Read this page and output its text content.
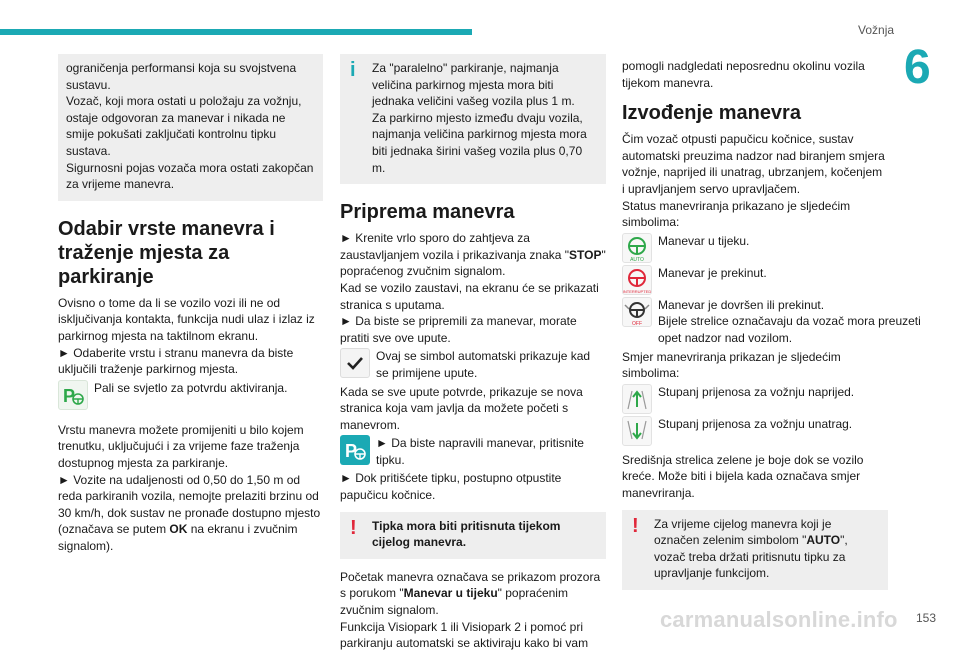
Vožnja
6

ograničenja performansi koja su svojstvena sustavu.
Vozač, koji mora ostati u položaju za vožnju, ostaje odgovoran za manevar i nikada ne smije pokušati zaključati kontrolnu tipku sustava.
Sigurnosni pojas vozača mora ostati zakopčan za vrijeme manevra.

Odabir vrste manevra i traženje mjesta za parkiranje

Ovisno o tome da li se vozilo vozi ili ne od isključivanja kontakta, funkcija nudi ulaz i izlaz iz parkirnog mjesta na taktilnom ekranu.
► Odaberite vrstu i stranu manevra da biste uključili traženje parkirnog mjesta.

P Pali se svjetlo za potvrdu aktiviranja.

Vrstu manevra možete promijeniti u bilo kojem trenutku, uključujući i za vrijeme faze traženja dostupnog mjesta za parkiranje.
► Vozite na udaljenosti od 0,50 do 1,50 m od reda parkiranih vozila, nemojte prelaziti brzinu od 30 km/h, dok sustav ne pronađe dostupno mjesto (označava se putem OK na ekranu i zvučnim signalom).

i	Za "paralelno" parkiranje, najmanja veličina parkirnog mjesta mora biti jednaka veličini vašeg vozila plus 1 m.
Za parkirno mjesto između dvaju vozila, najmanja veličina parkirnog mjesta mora biti jednaka širini vašeg vozila plus 0,70 m.

Priprema manevra

► Krenite vrlo sporo do zahtjeva za zaustavljanjem vozila i prikazivanja znaka "STOP" popraćenog zvučnim signalom.
Kad se vozilo zaustavi, na ekranu će se prikazati stranica s uputama.
► Da biste se pripremili za manevar, morate pratiti sve ove upute.

Ovaj se simbol automatski prikazuje kad se primijene upute.

Kada se sve upute potvrde, prikazuje se nova stranica koja vam javlja da možete početi s manevrom.

P ► Da biste napravili manevar, pritisnite tipku.

► Dok pritišćete tipku, postupno otpustite papučicu kočnice.

! Tipka mora biti pritisnuta tijekom cijelog manevra.

Početak manevra označava se prikazom prozora s porukom "Manevar u tijeku" popraćenim zvučnim signalom.
Funkcija Visiopark 1 ili Visiopark 2 i pomoć pri parkiranju automatski se aktiviraju kako bi vam

pomogli nadgledati neposrednu okolinu vozila tijekom manevra.

Izvođenje manevra

Čim vozač otpusti papučicu kočnice, sustav automatski preuzima nadzor nad biranjem smjera vožnje, naprijed ili unatrag, ubrzanjem, kočenjem i upravljanjem servo upravljačem.
Status manevriranja prikazano je sljedećim simbolima:

AUTO
Manevar u tijeku.
INTERRUPTED
Manevar je prekinut.
OFF
Manevar je dovršen ili prekinut.
Bijele strelice označavaju da vozač mora preuzeti opet nadzor nad vozilom.

Smjer manevriranja prikazan je sljedećim simbolima:

Stupanj prijenosa za vožnju naprijed.
Stupanj prijenosa za vožnju unatrag.

Središnja strelica zelene je boje dok se vozilo kreće. Može biti i bijela kada označava smjer manevriranja.

! Za vrijeme cijelog manevra koji je označen zelenim simbolom "AUTO", vozač treba držati pritisnutu tipku za upravljanje funkcijom.

carmanualsonline.info 153
